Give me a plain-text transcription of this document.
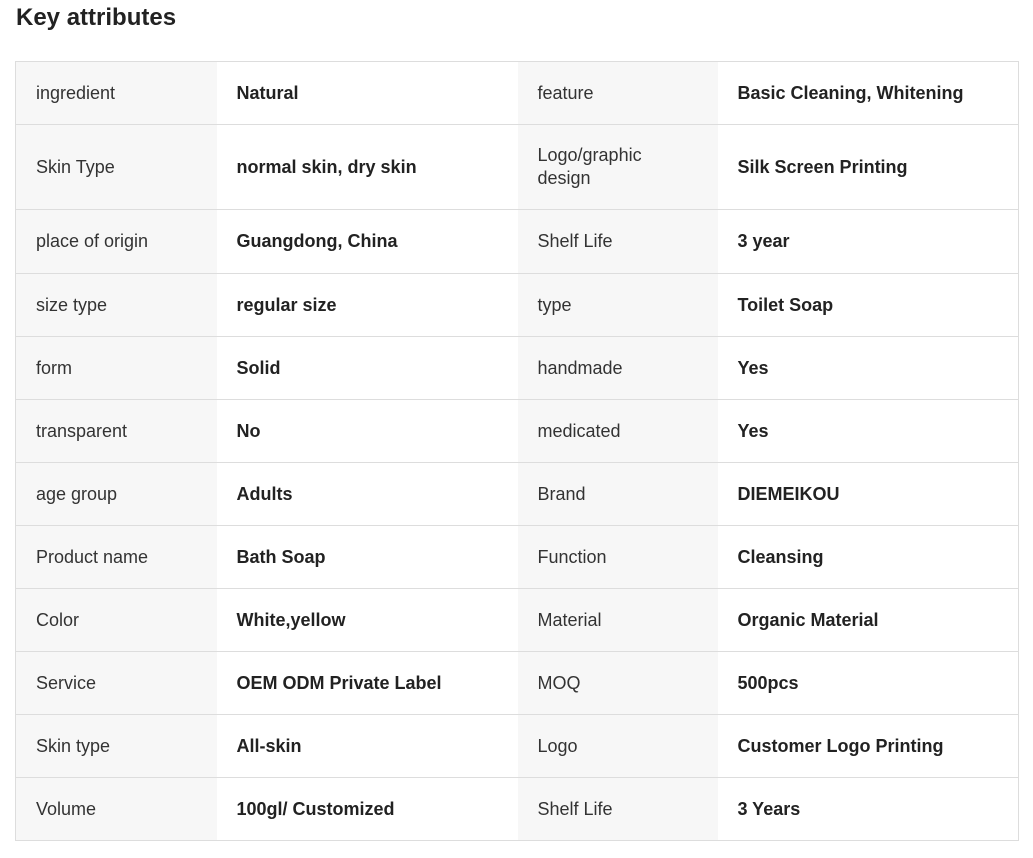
Key attributes
ingredient	Natural	feature	Basic Cleaning, Whitening
Skin Type	normal skin, dry skin	Logo/graphic design	Silk Screen Printing
place of origin	Guangdong, China	Shelf Life	3 year
size type	regular size	type	Toilet Soap
form	Solid	handmade	Yes
transparent	No	medicated	Yes
age group	Adults	Brand	DIEMEIKOU
Product name	Bath Soap	Function	Cleansing
Color	White,yellow	Material	Organic Material
Service	OEM ODM Private Label	MOQ	500pcs
Skin type	All-skin	Logo	Customer Logo Printing
Volume	100gl/ Customized	Shelf Life	3 Years
